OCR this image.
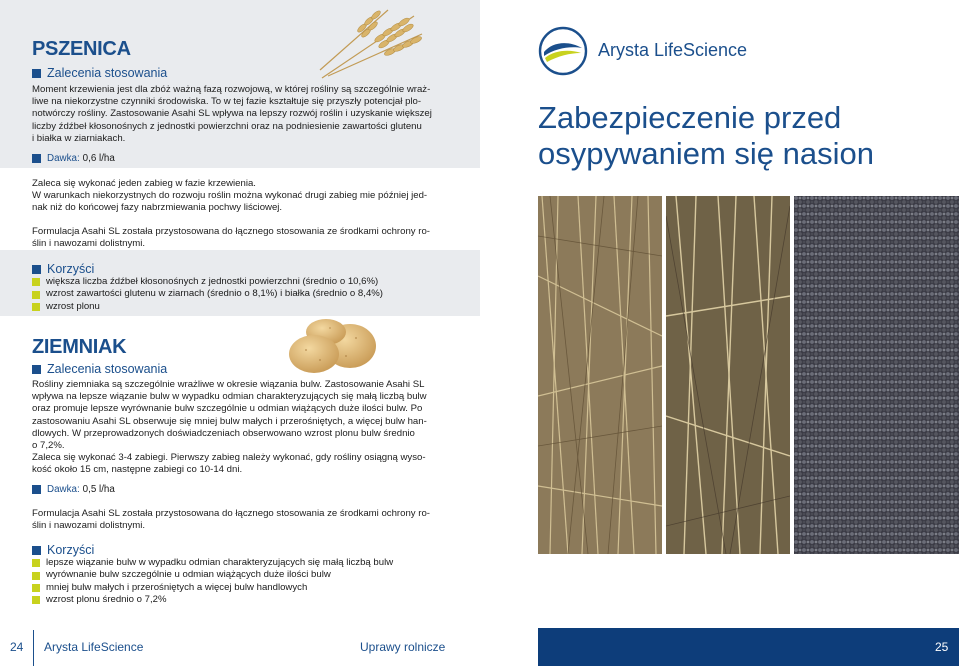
PSZENICA
Zalecenia stosowania
Moment krzewienia jest dla zbóż ważną fazą rozwojową, w której rośliny są szczególnie wraż-
liwe na niekorzystne czynniki środowiska. To w tej fazie kształtuje się przyszły potencjał plo-
notwórczy rośliny. Zastosowanie Asahi SL wpływa na lepszy rozwój roślin i uzyskanie większej
liczby źdźbeł kłosonośnych z jednostki powierzchni oraz na podniesienie zawartości glutenu
i białka w ziarniakach.
Dawka: 0,6 l/ha
Zaleca się wykonać jeden zabieg w fazie krzewienia.
W warunkach niekorzystnych do rozwoju roślin można wykonać drugi zabieg mie później jed-
nak niż do końcowej fazy nabrzmiewania pochwy liściowej.
Formulacja Asahi SL została przystosowana do łącznego stosowania ze środkami ochrony ro-
ślin i nawozami dolistnymi.
Korzyści
większa liczba źdźbeł kłosonośnych z jednostki powierzchni (średnio o 10,6%)
wzrost zawartości glutenu w ziarnach (średnio o 8,1%) i białka (średnio o 8,4%)
wzrost plonu
ZIEMNIAK
Zalecenia stosowania
Rośliny ziemniaka są szczególnie wrażliwe w okresie wiązania bulw. Zastosowanie Asahi SL
wpływa na lepsze wiązanie bulw w wypadku odmian charakteryzujących się małą liczbą bulw
oraz promuje lepsze wyrównanie bulw szczególnie u odmian wiążących duże ilości bulw. Po
zastosowaniu Asahi SL obserwuje się mniej bulw małych i przerośniętych, a więcej bulw han-
dlowych. W przeprowadzonych doświadczeniach obserwowano wzrost plonu bulw średnio
o 7,2%.
Zaleca się wykonać 3-4 zabiegi. Pierwszy zabieg należy wykonać, gdy rośliny osiągną wyso-
kość około 15 cm, następne zabiegi co 10-14 dni.
Dawka: 0,5 l/ha
Formulacja Asahi SL została przystosowana do łącznego stosowania ze środkami ochrony ro-
ślin i nawozami dolistnymi.
Korzyści
lepsze wiązanie bulw w wypadku odmian charakteryzujących się małą liczbą bulw
wyrównanie bulw szczególnie u odmian wiążących duże ilości bulw
mniej bulw małych i przerośniętych a więcej bulw handlowych
wzrost plonu średnio o 7,2%
Arysta LifeScience
Zabezpieczenie przed
osypywaniem się nasion
24 Arysta LifeScience	Uprawy rolnicze	25
